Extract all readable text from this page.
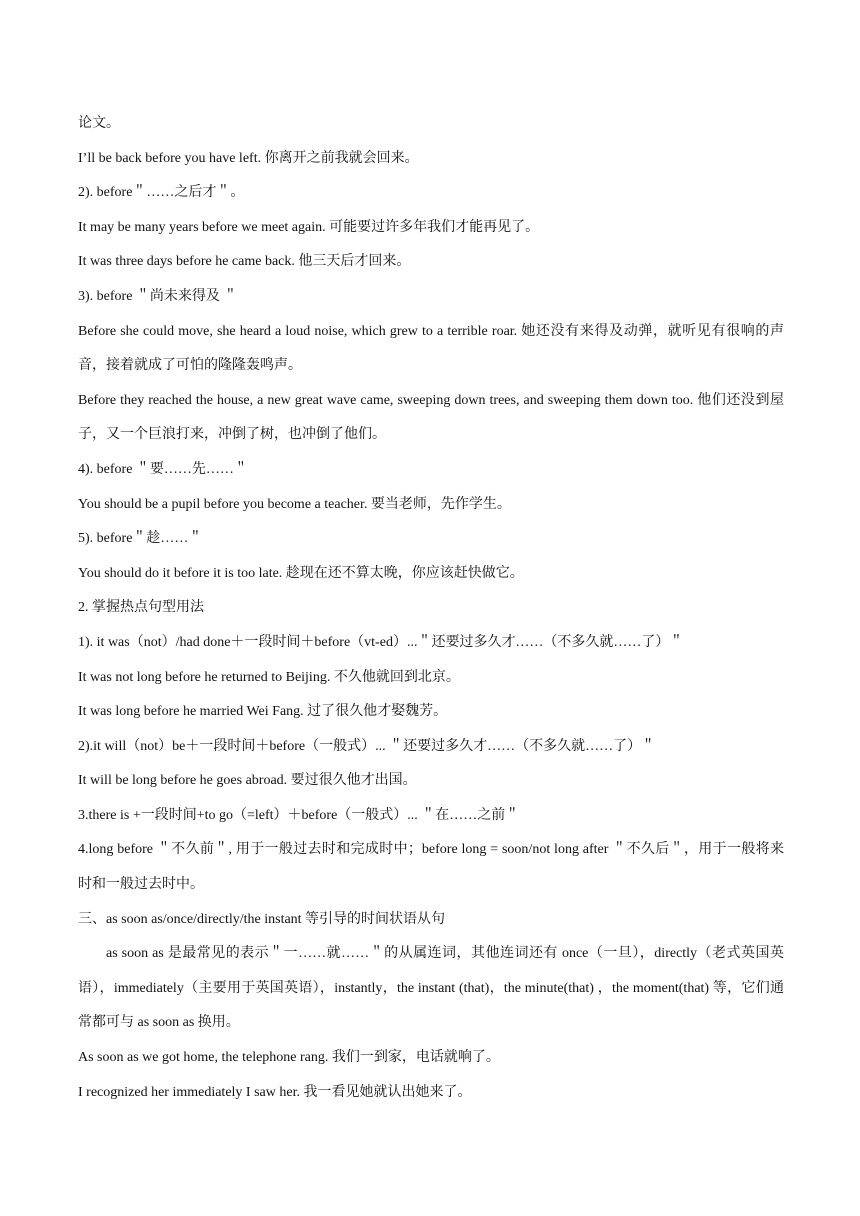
论文。
I’ll be back before you have left. 你离开之前我就会回来。
2). before＂……之后才＂。
It may be many years before we meet again. 可能要过许多年我们才能再见了。
It was three days before he came back. 他三天后才回来。
3). before ＂尚未来得及 ＂

Before she could move, she heard a loud noise, which grew to a terrible roar. 她还没有来得及动弹，就听见有很响的声音，接着就成了可怕的隆隆轰鸣声。

Before they reached the house, a new great wave came, sweeping down trees, and sweeping them down too. 他们还没到屋子，又一个巨浪打来，冲倒了树，也冲倒了他们。

4). before ＂要……先……＂
You should be a pupil before you become a teacher. 要当老师，先作学生。
5). before＂趁……＂
You should do it before it is too late. 趁现在还不算太晚，你应该赶快做它。
2. 掌握热点句型用法
1). it was（not）/had done＋一段时间＋before（vt-ed）...＂还要过多久才……（不多久就……了）＂
It was not long before he returned to Beijing. 不久他就回到北京。
It was long before he married Wei Fang. 过了很久他才娶魏芳。
2).it will（not）be＋一段时间＋before（一般式）... ＂还要过多久才……（不多久就……了）＂
It will be long before he goes abroad. 要过很久他才出国。
3.there is +一段时间+to go（=left）＋before（一般式）... ＂在……之前＂

4.long before ＂不久前＂, 用于一般过去时和完成时中；before long = soon/not long after ＂不久后＂，用于一般将来时和一般过去时中。

三、as soon as/once/directly/the instant 等引导的时间状语从句

as soon as 是最常见的表示＂一……就……＂的从属连词，其他连词还有 once（一旦），directly（老式英国英语），immediately（主要用于英国英语），instantly，the instant (that)，the minute(that) ，the moment(that) 等，它们通常都可与 as soon as 换用。

As soon as we got home, the telephone rang. 我们一到家，电话就响了。
I recognized her immediately I saw her. 我一看见她就认出她来了。
